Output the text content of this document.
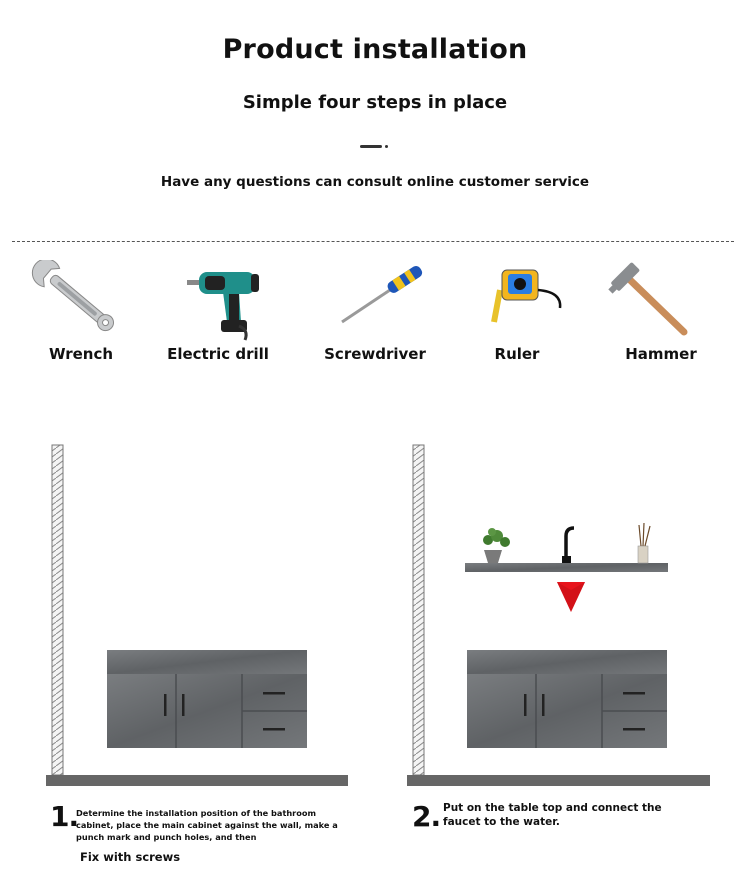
Product installation
Simple four steps in place
Have any questions can consult online customer service
Wrench	Electric drill	Screwdriver	Ruler	Hammer
1.
Determine the installation position of the bathroom cabinet, place the main cabinet against the wall, make a punch mark and punch holes, and then
Fix with screws
2. Put on the table top and connect the faucet to the water.
